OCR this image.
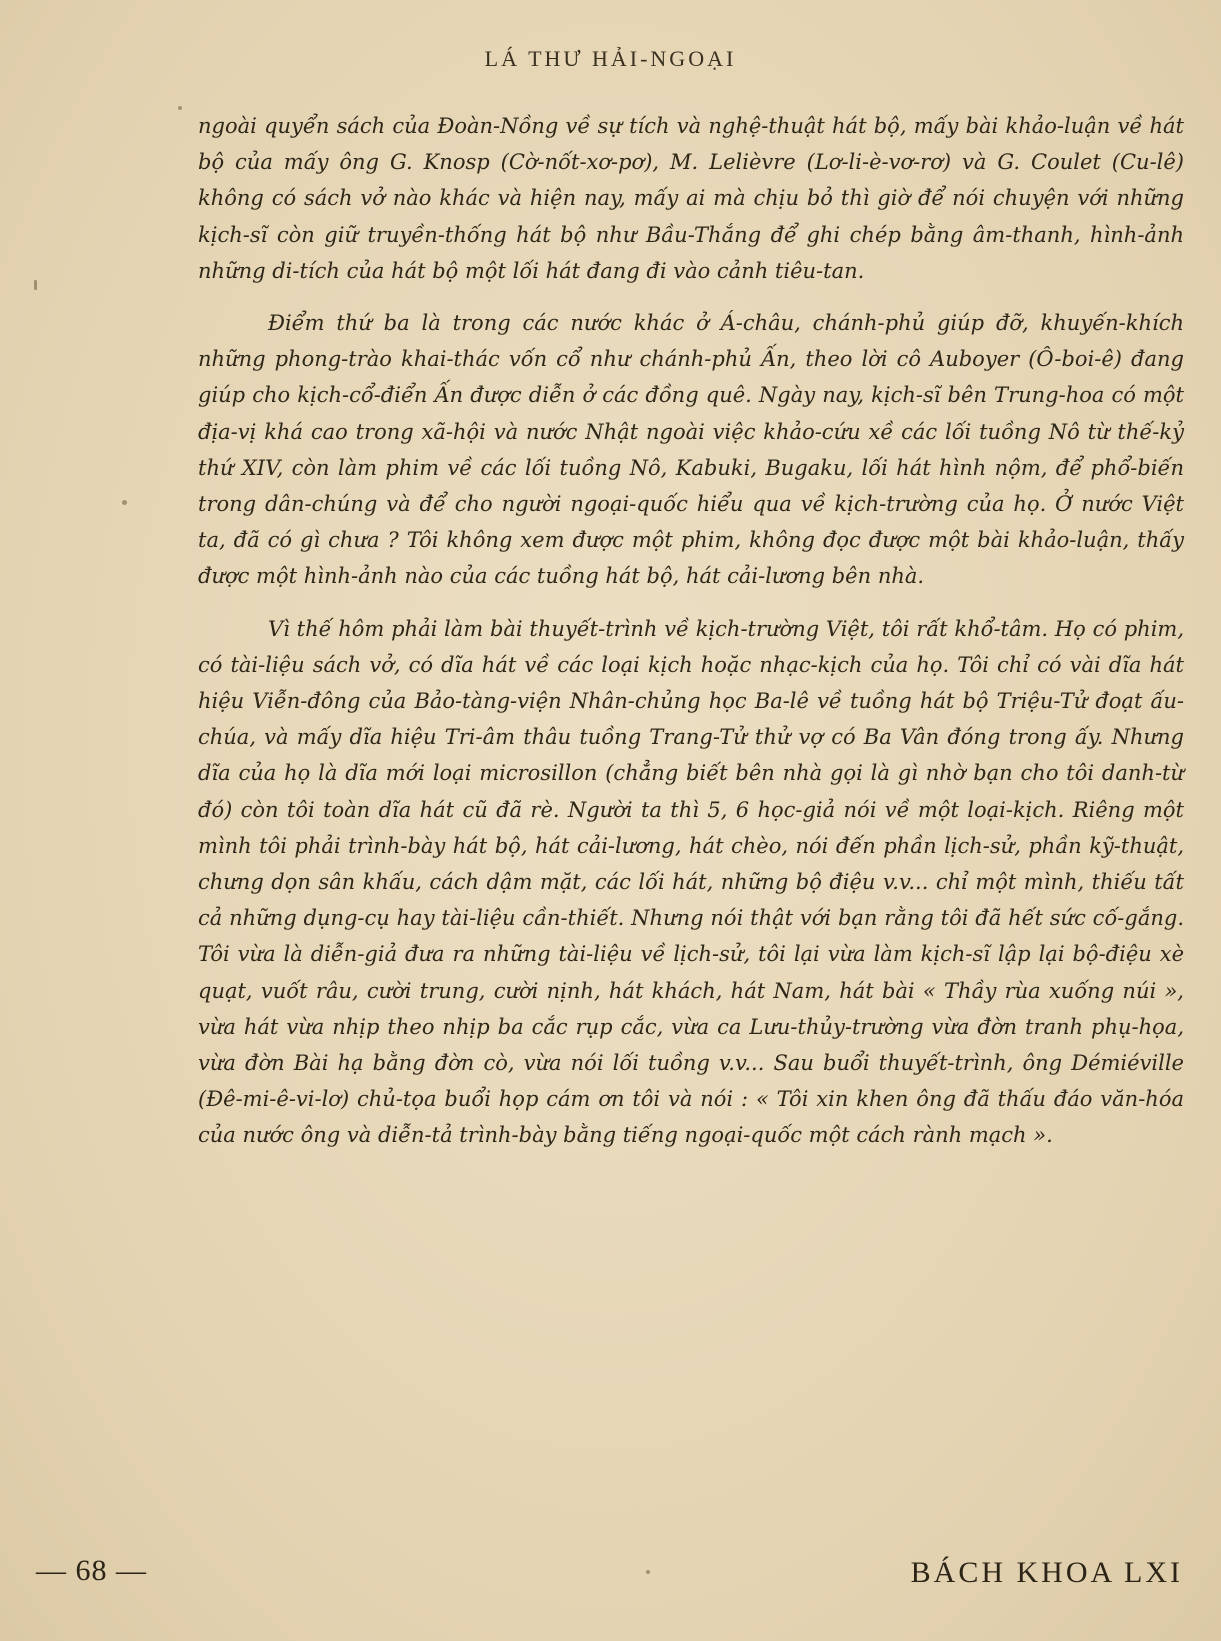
LÁ THƯ HẢI-NGOẠI

ngoài quyển sách của Đoàn-Nồng về sự tích và nghệ-thuật hát bộ, mấy bài khảo-luận về hát bộ của mấy ông G. Knosp (Cờ-nốt-xơ-pơ), M. Lelièvre (Lơ-li-è-vơ-rơ) và G. Coulet (Cu-lê) không có sách vở nào khác và hiện nay, mấy ai mà chịu bỏ thì giờ để nói chuyện với những kịch-sĩ còn giữ truyền-thống hát bộ như Bầu-Thắng để ghi chép bằng âm-thanh, hình-ảnh những di-tích của hát bộ một lối hát đang đi vào cảnh tiêu-tan.

Điểm thứ ba là trong các nước khác ở Á-châu, chánh-phủ giúp đỡ, khuyến-khích những phong-trào khai-thác vốn cổ như chánh-phủ Ấn, theo lời cô Auboyer (Ô-boi-ê) đang giúp cho kịch-cổ-điển Ấn được diễn ở các đồng quê. Ngày nay, kịch-sĩ bên Trung-hoa có một địa-vị khá cao trong xã-hội và nước Nhật ngoài việc khảo-cứu xề các lối tuồng Nô từ thế-kỷ thứ XIV, còn làm phim về các lối tuồng Nô, Kabuki, Bugaku, lối hát hình nộm, để phổ-biến trong dân-chúng và để cho người ngoại-quốc hiểu qua về kịch-trường của họ. Ở nước Việt ta, đã có gì chưa ? Tôi không xem được một phim, không đọc được một bài khảo-luận, thấy được một hình-ảnh nào của các tuồng hát bộ, hát cải-lương bên nhà.

Vì thế hôm phải làm bài thuyết-trình về kịch-trường Việt, tôi rất khổ-tâm. Họ có phim, có tài-liệu sách vở, có dĩa hát về các loại kịch hoặc nhạc-kịch của họ. Tôi chỉ có vài dĩa hát hiệu Viễn-đông của Bảo-tàng-viện Nhân-chủng học Ba-lê về tuồng hát bộ Triệu-Tử đoạt ấu-chúa, và mấy dĩa hiệu Tri-âm thâu tuồng Trang-Tử thử vợ có Ba Vân đóng trong ấy. Nhưng dĩa của họ là dĩa mới loại microsillon (chẳng biết bên nhà gọi là gì nhờ bạn cho tôi danh-từ đó) còn tôi toàn dĩa hát cũ đã rè. Người ta thì 5, 6 học-giả nói về một loại-kịch. Riêng một mình tôi phải trình-bày hát bộ, hát cải-lương, hát chèo, nói đến phần lịch-sử, phần kỹ-thuật, chưng dọn sân khấu, cách dậm mặt, các lối hát, những bộ điệu v.v... chỉ một mình, thiếu tất cả những dụng-cụ hay tài-liệu cần-thiết. Nhưng nói thật với bạn rằng tôi đã hết sức cố-gắng. Tôi vừa là diễn-giả đưa ra những tài-liệu về lịch-sử, tôi lại vừa làm kịch-sĩ lập lại bộ-điệu xè quạt, vuốt râu, cười trung, cười nịnh, hát khách, hát Nam, hát bài « Thầy rùa xuống núi », vừa hát vừa nhịp theo nhịp ba cắc rụp cắc, vừa ca Lưu-thủy-trường vừa đờn tranh phụ-họa, vừa đờn Bài hạ bằng đờn cò, vừa nói lối tuồng v.v... Sau buổi thuyết-trình, ông Démiéville (Đê-mi-ê-vi-lơ) chủ-tọa buổi họp cám ơn tôi và nói : « Tôi xin khen ông đã thấu đáo văn-hóa của nước ông và diễn-tả trình-bày bằng tiếng ngoại-quốc một cách rành mạch ».

— 68 —	BÁCH KHOA LXI
